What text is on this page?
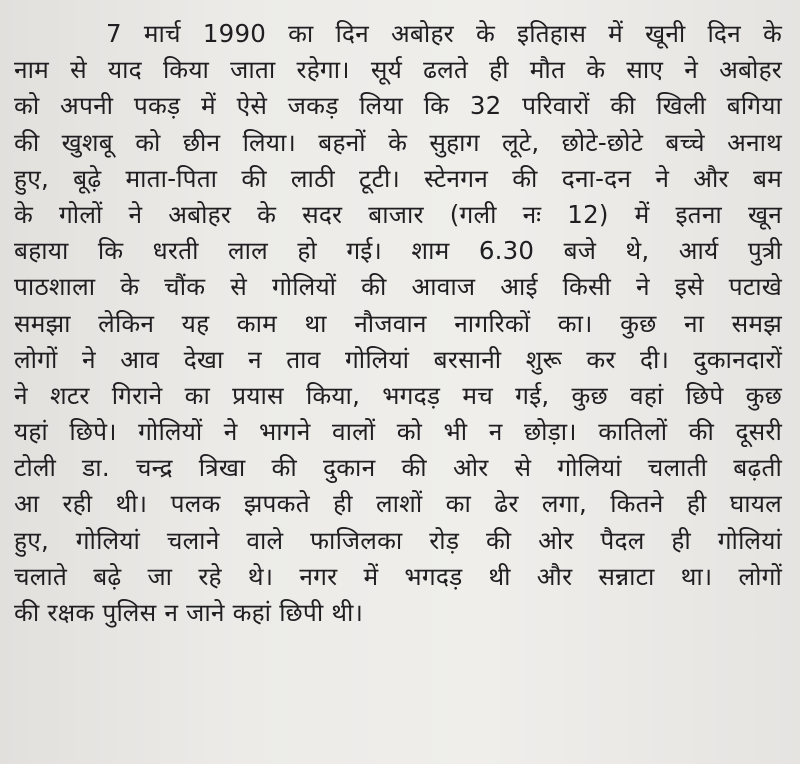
7 मार्च 1990 का दिन अबोहर के इतिहास में खूनी दिन के
नाम से याद किया जाता रहेगा। सूर्य ढलते ही मौत के साए ने अबोहर
को अपनी पकड़ में ऐसे जकड़ लिया कि 32 परिवारों की खिली बगिया
की खुशबू को छीन लिया। बहनों के सुहाग लूटे, छोटे-छोटे बच्चे अनाथ
हुए, बूढ़े माता-पिता की लाठी टूटी। स्टेनगन की दना-दन ने और बम
के गोलों ने अबोहर के सदर बाजार (गली नः 12) में इतना खून
बहाया कि धरती लाल हो गई। शाम 6.30 बजे थे, आर्य पुत्री
पाठशाला के चौंक से गोलियों की आवाज आई किसी ने इसे पटाखे
समझा लेकिन यह काम था नौजवान नागरिकों का। कुछ ना समझ
लोगों ने आव देखा न ताव गोलियां बरसानी शुरू कर दी। दुकानदारों
ने शटर गिराने का प्रयास किया, भगदड़ मच गई, कुछ वहां छिपे कुछ
यहां छिपे। गोलियों ने भागने वालों को भी न छोड़ा। कातिलों की दूसरी
टोली डा. चन्द्र त्रिखा की दुकान की ओर से गोलियां चलाती बढ़ती
आ रही थी। पलक झपकते ही लाशों का ढेर लगा, कितने ही घायल
हुए, गोलियां चलाने वाले फाजिलका रोड़ की ओर पैदल ही गोलियां
चलाते बढ़े जा रहे थे। नगर में भगदड़ थी और सन्नाटा था। लोगों
की रक्षक पुलिस न जाने कहां छिपी थी।
